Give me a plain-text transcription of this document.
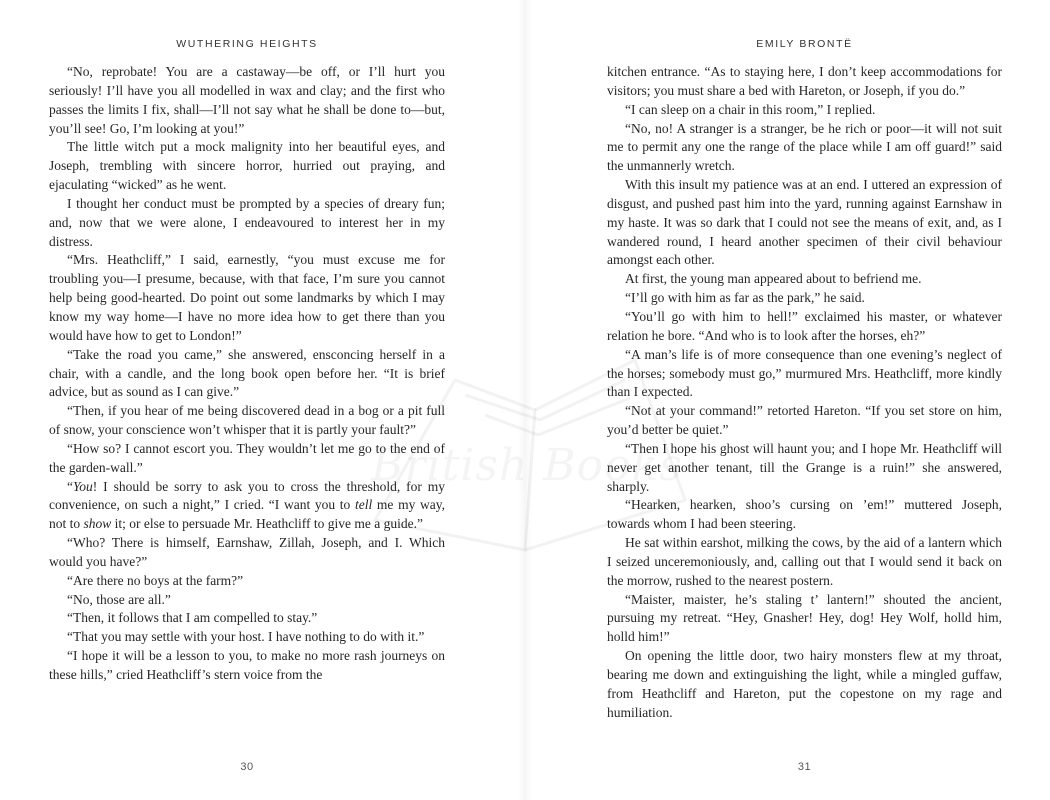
WUTHERING HEIGHTS

“No, reprobate! You are a castaway—be off, or I’ll hurt you seriously! I’ll have you all modelled in wax and clay; and the first who passes the limits I fix, shall—I’ll not say what he shall be done to—but, you’ll see! Go, I’m looking at you!”

The little witch put a mock malignity into her beautiful eyes, and Joseph, trembling with sincere horror, hurried out praying, and ejaculating “wicked” as he went.

I thought her conduct must be prompted by a species of dreary fun; and, now that we were alone, I endeavoured to interest her in my distress.

“Mrs. Heathcliff,” I said, earnestly, “you must excuse me for troubling you—I presume, because, with that face, I’m sure you cannot help being good-hearted. Do point out some landmarks by which I may know my way home—I have no more idea how to get there than you would have how to get to London!”

“Take the road you came,” she answered, ensconcing herself in a chair, with a candle, and the long book open before her. “It is brief advice, but as sound as I can give.”

“Then, if you hear of me being discovered dead in a bog or a pit full of snow, your conscience won’t whisper that it is partly your fault?”

“How so? I cannot escort you. They wouldn’t let me go to the end of the garden-wall.”

“You! I should be sorry to ask you to cross the threshold, for my convenience, on such a night,” I cried. “I want you to tell me my way, not to show it; or else to persuade Mr. Heathcliff to give me a guide.”

“Who? There is himself, Earnshaw, Zillah, Joseph, and I. Which would you have?”

“Are there no boys at the farm?”

“No, those are all.”

“Then, it follows that I am compelled to stay.”

“That you may settle with your host. I have nothing to do with it.”

“I hope it will be a lesson to you, to make no more rash journeys on these hills,” cried Heathcliff’s stern voice from the

30
EMILY BRONTË

kitchen entrance. “As to staying here, I don’t keep accommodations for visitors; you must share a bed with Hareton, or Joseph, if you do.”

“I can sleep on a chair in this room,” I replied.

“No, no! A stranger is a stranger, be he rich or poor—it will not suit me to permit any one the range of the place while I am off guard!” said the unmannerly wretch.

With this insult my patience was at an end. I uttered an expression of disgust, and pushed past him into the yard, running against Earnshaw in my haste. It was so dark that I could not see the means of exit, and, as I wandered round, I heard another specimen of their civil behaviour amongst each other.

At first, the young man appeared about to befriend me.

“I’ll go with him as far as the park,” he said.

“You’ll go with him to hell!” exclaimed his master, or whatever relation he bore. “And who is to look after the horses, eh?”

“A man’s life is of more consequence than one evening’s neglect of the horses; somebody must go,” murmured Mrs. Heathcliff, more kindly than I expected.

“Not at your command!” retorted Hareton. “If you set store on him, you’d better be quiet.”

“Then I hope his ghost will haunt you; and I hope Mr. Heathcliff will never get another tenant, till the Grange is a ruin!” she answered, sharply.

“Hearken, hearken, shoo’s cursing on ’em!” muttered Joseph, towards whom I had been steering.

He sat within earshot, milking the cows, by the aid of a lantern which I seized unceremoniously, and, calling out that I would send it back on the morrow, rushed to the nearest postern.

“Maister, maister, he’s staling t’ lantern!” shouted the ancient, pursuing my retreat. “Hey, Gnasher! Hey, dog! Hey Wolf, holld him, holld him!”

On opening the little door, two hairy monsters flew at my throat, bearing me down and extinguishing the light, while a mingled guffaw, from Heathcliff and Hareton, put the copestone on my rage and humiliation.

31
